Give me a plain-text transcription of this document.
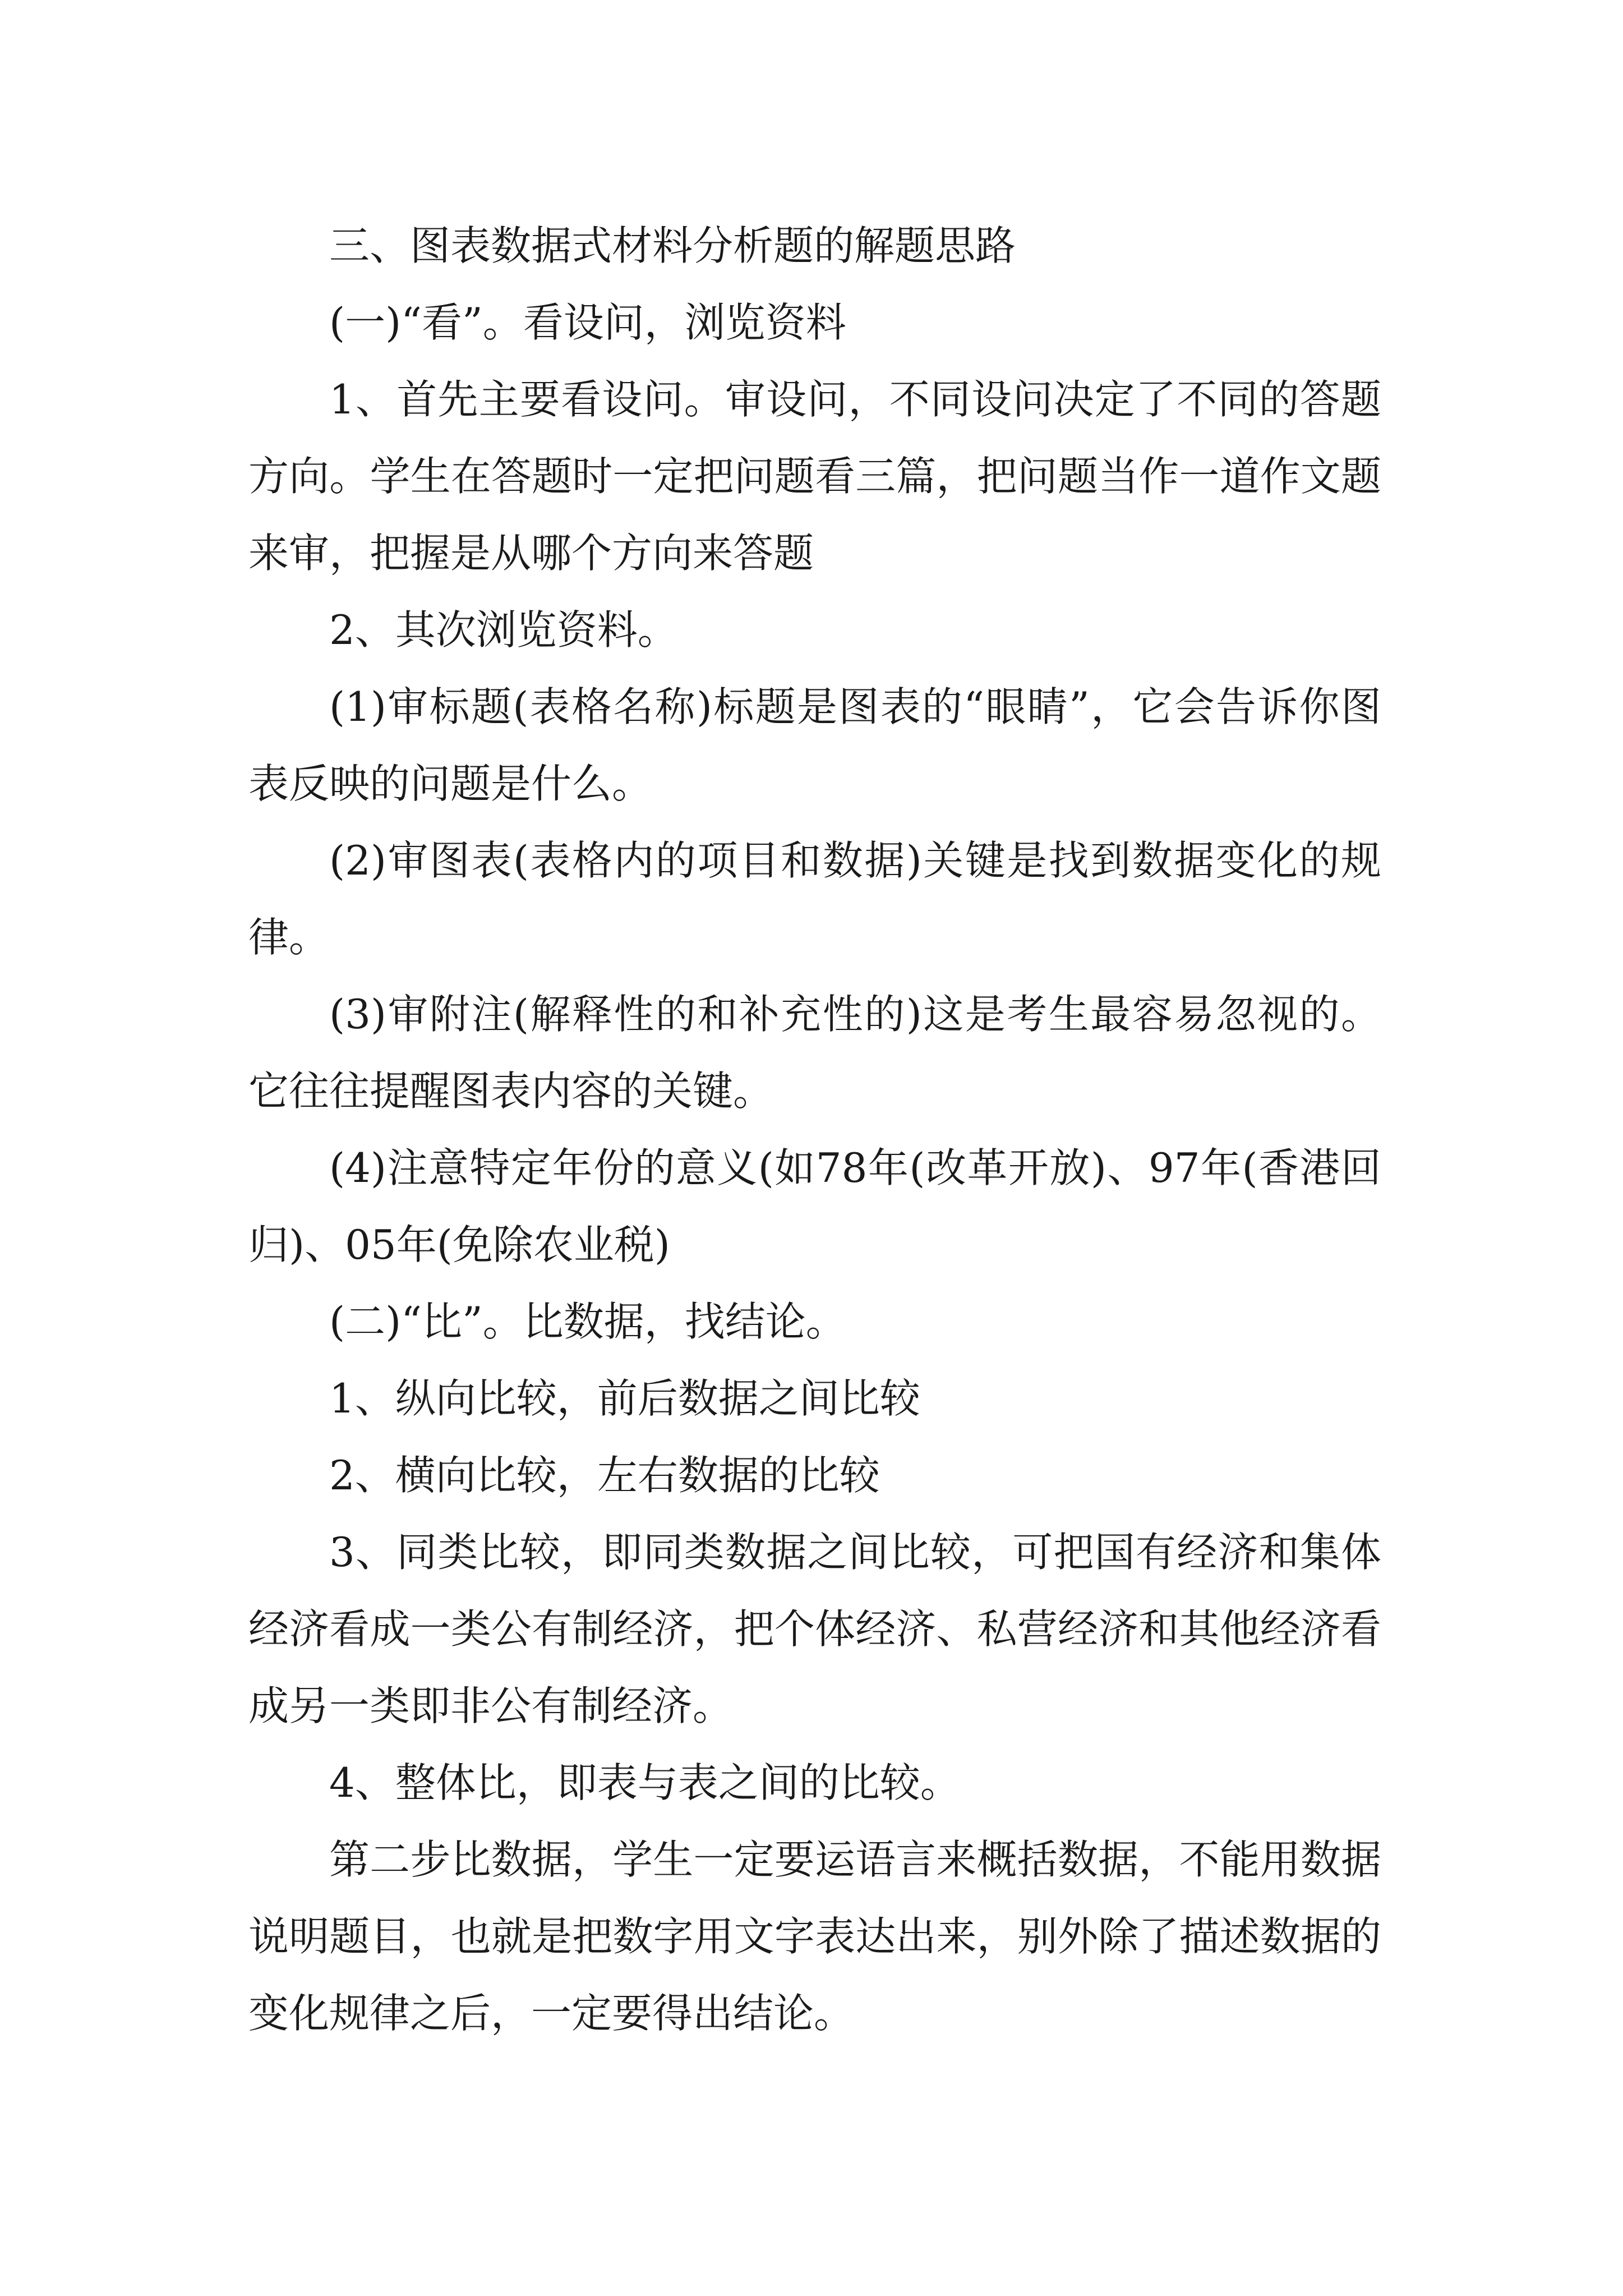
三、图表数据式材料分析题的解题思路

(一)“看”。看设问，浏览资料

1、首先主要看设问。审设问，不同设问决定了不同的答题方向。学生在答题时一定把问题看三篇，把问题当作一道作文题来审，把握是从哪个方向来答题

2、其次浏览资料。

(1)审标题(表格名称)标题是图表的“眼睛”，它会告诉你图表反映的问题是什么。

(2)审图表(表格内的项目和数据)关键是找到数据变化的规律。

(3)审附注(解释性的和补充性的)这是考生最容易忽视的。它往往提醒图表内容的关键。

(4)注意特定年份的意义(如78年(改革开放)、97年(香港回归)、05年(免除农业税)

(二)“比”。比数据，找结论。

1、纵向比较，前后数据之间比较

2、横向比较，左右数据的比较

3、同类比较，即同类数据之间比较，可把国有经济和集体经济看成一类公有制经济，把个体经济、私营经济和其他经济看成另一类即非公有制经济。

4、整体比，即表与表之间的比较。

第二步比数据，学生一定要运语言来概括数据，不能用数据说明题目，也就是把数字用文字表达出来，别外除了描述数据的变化规律之后，一定要得出结论。
